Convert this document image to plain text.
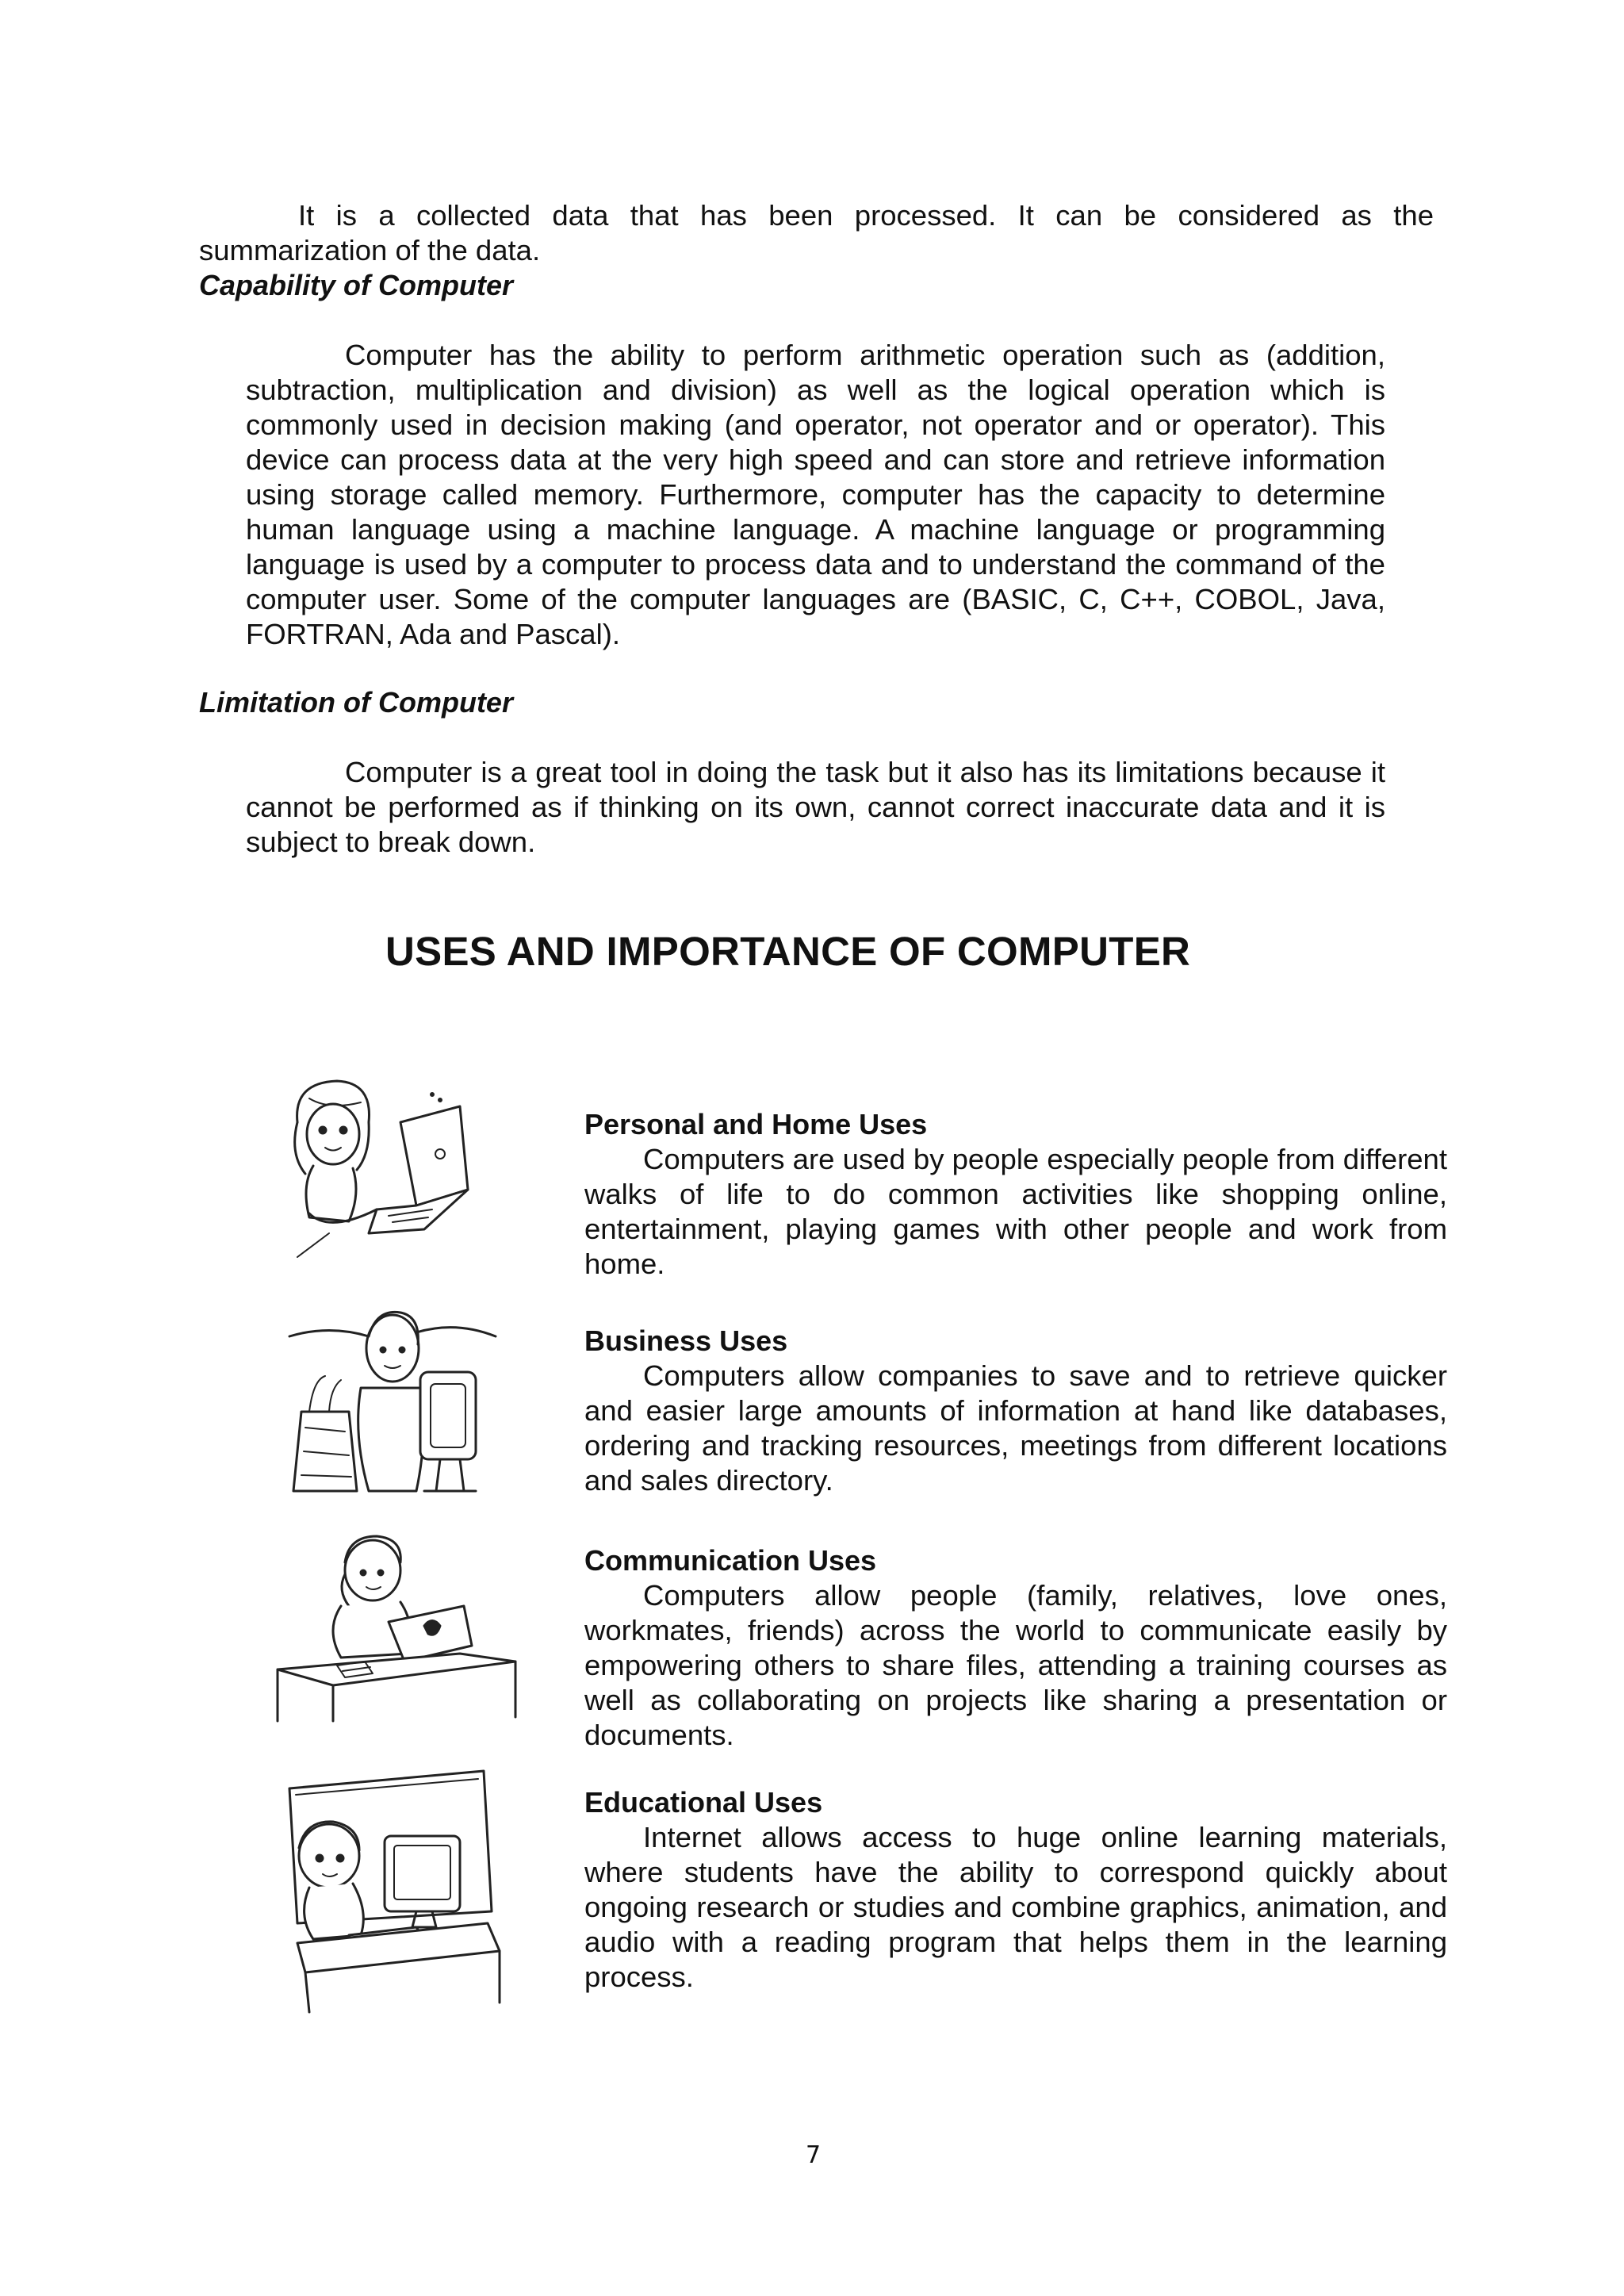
It is a collected data that has been processed. It can be considered as the summarization of the data.

Capability of Computer

Computer has the ability to perform arithmetic operation such as (addition, subtraction, multiplication and division) as well as the logical operation which is commonly used in decision making (and operator, not operator and or operator). This device can process data at the very high speed and can store and retrieve information using storage called memory. Furthermore, computer has the capacity to determine human language using a machine language. A machine language or programming language is used by a computer to process data and to understand the command of the computer user. Some of the computer languages are (BASIC, C, C++, COBOL, Java, FORTRAN, Ada and Pascal).

Limitation of Computer

Computer is a great tool in doing the task but it also has its limitations because it cannot be performed as if thinking on its own, cannot correct inaccurate data and it is subject to break down.

USES AND IMPORTANCE OF COMPUTER
Personal and Home Uses

Computers are used by people especially people from different walks of life to do common activities like shopping online, entertainment, playing games with other people and work from home.

Business Uses

Computers allow companies to save and to retrieve quicker and easier large amounts of information at hand like databases, ordering and tracking resources, meetings from different locations and sales directory.

Communication Uses

Computers allow people (family, relatives, love ones, workmates, friends) across the world to communicate easily by empowering others to share files, attending a training courses as well as collaborating on projects like sharing a presentation or documents.

Educational Uses

Internet allows access to huge online learning materials, where students have the ability to correspond quickly about ongoing research or studies and combine graphics, animation, and audio with a reading program that helps them in the learning process.

7
